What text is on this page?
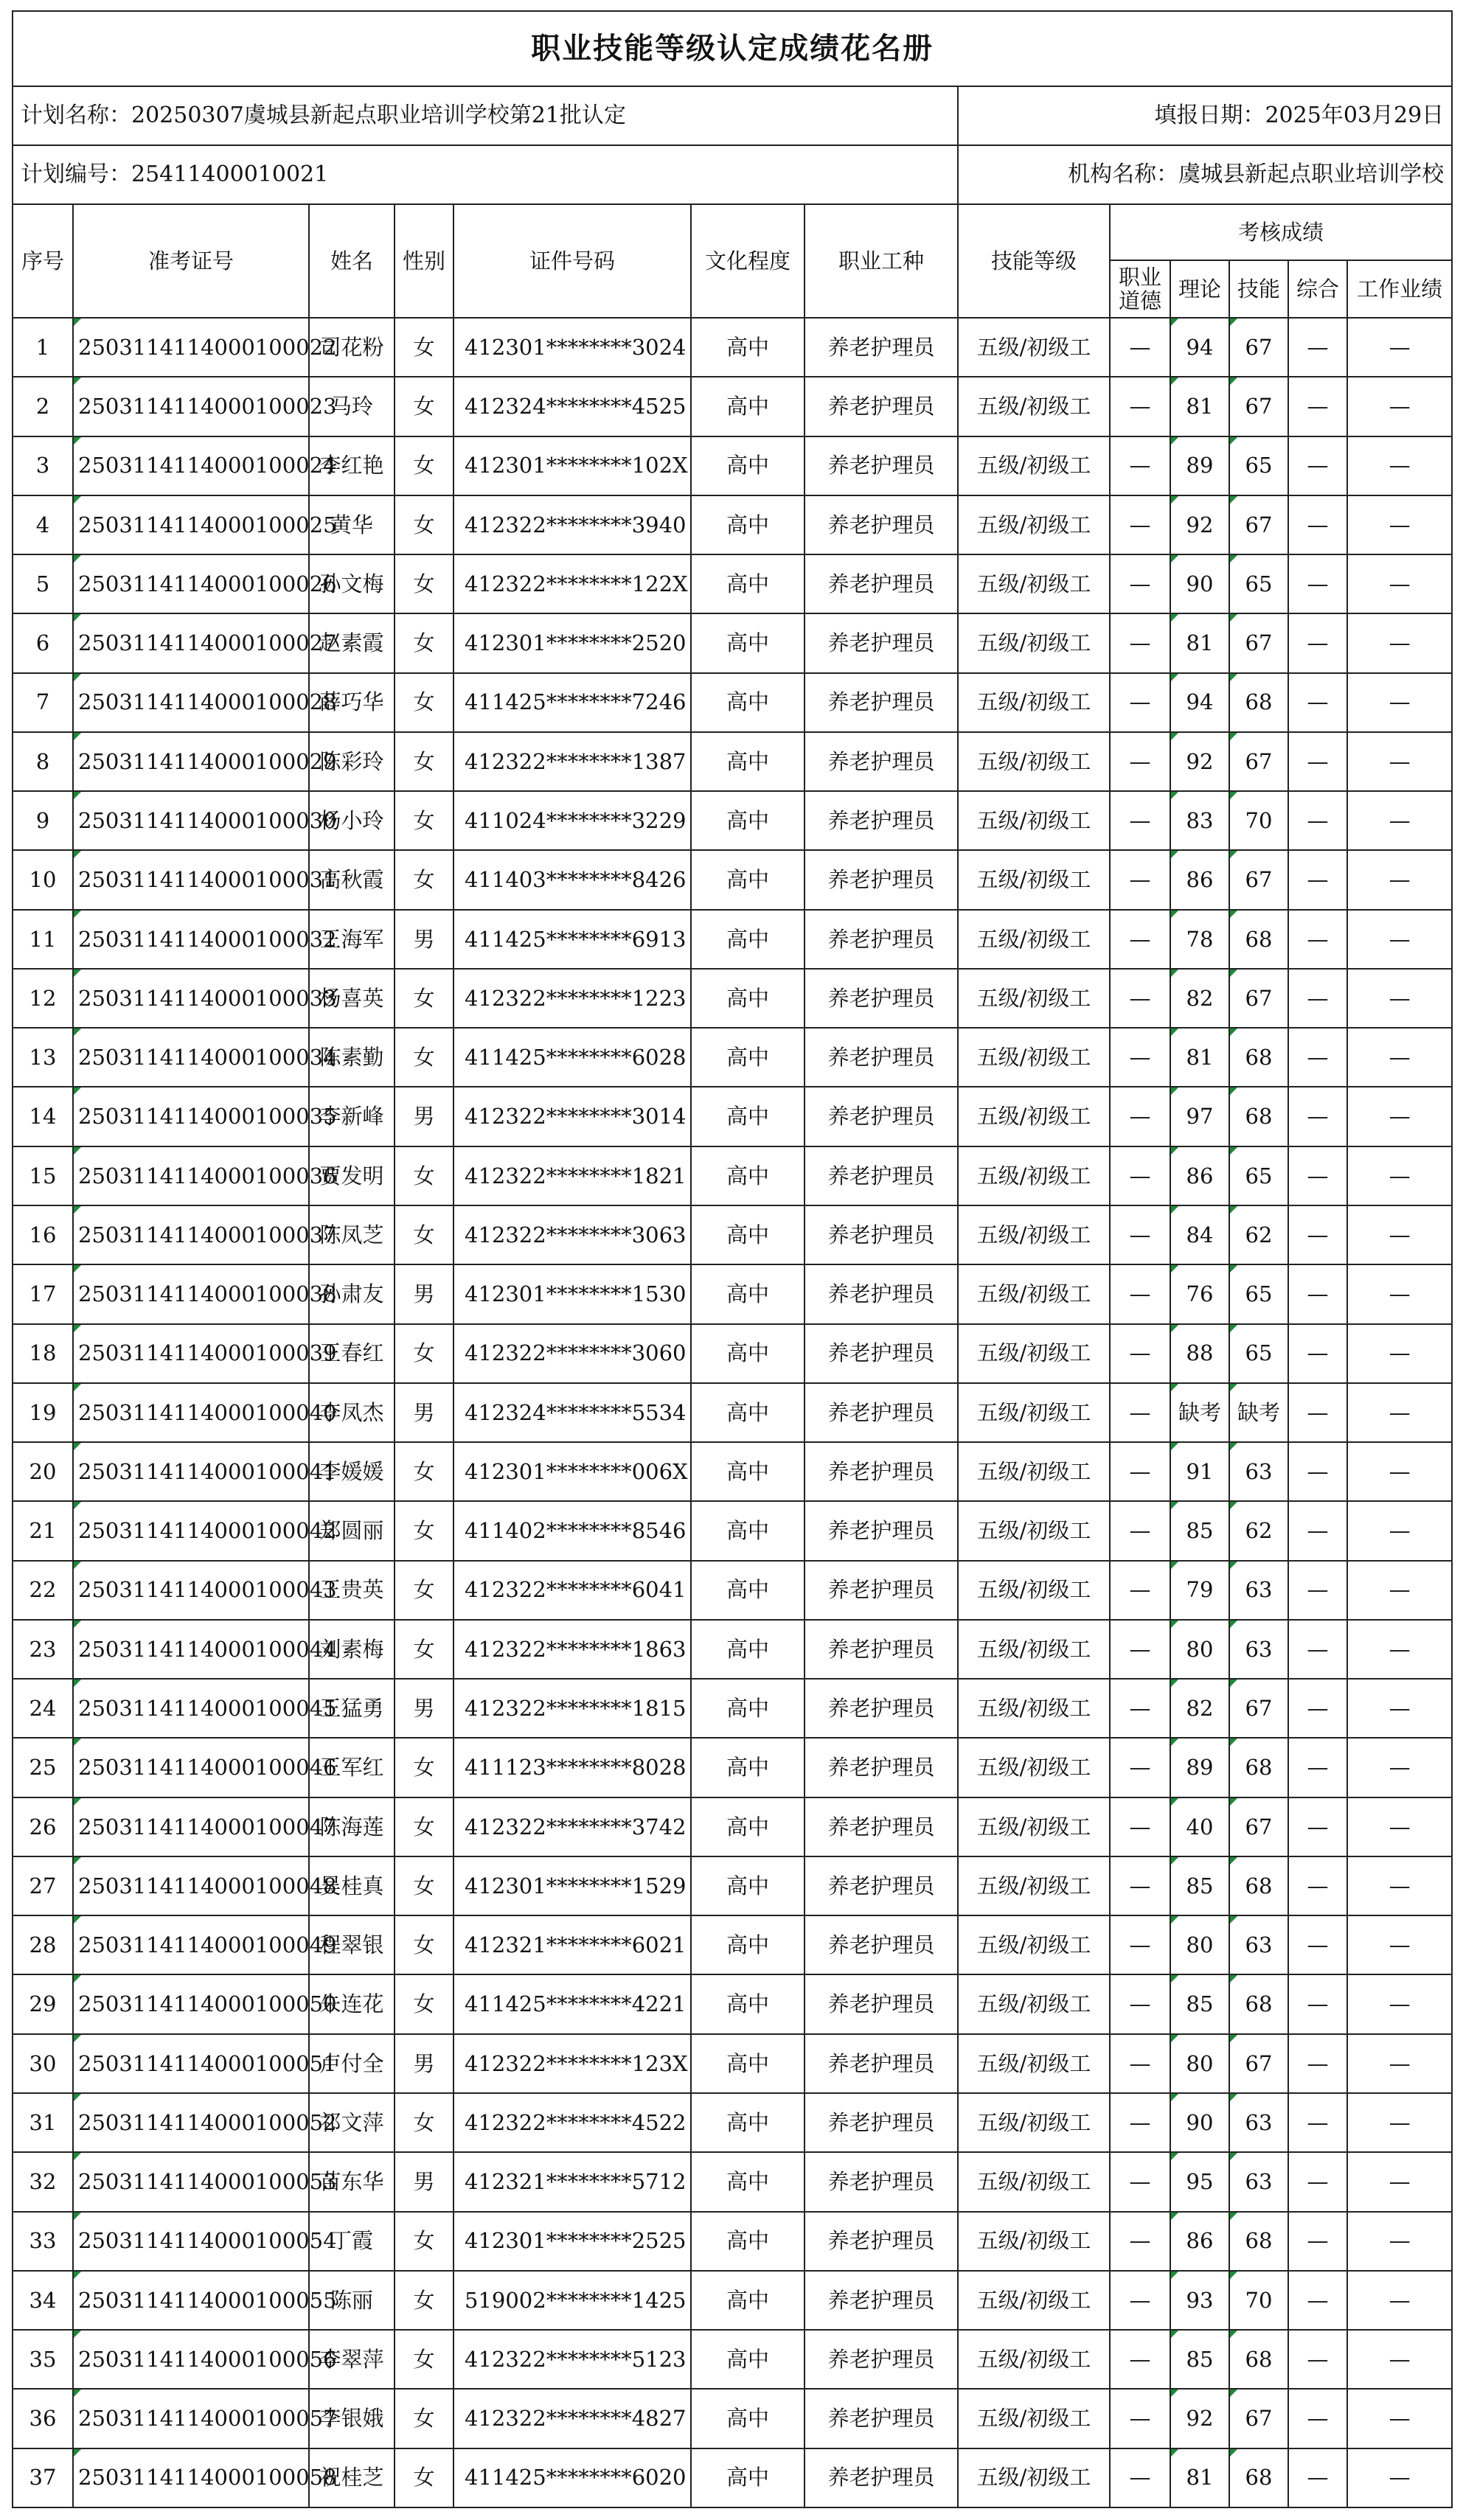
职业技能等级认定成绩花名册												
计划名称：20250307虞城县新起点职业培训学校第21批认定							填报日期：2025年03月29日					
计划编号：25411400010021							机构名称：虞城县新起点职业培训学校					
序号	准考证号	姓名	性别	证件号码	文化程度	职业工种	技能等级	考核成绩				
								职业道德	理论	技能	综合	工作业绩
1	2503114114000100022	司花粉	女	412301********3024	高中	养老护理员	五级/初级工	—	94	67	—	—
2	2503114114000100023	马玲	女	412324********4525	高中	养老护理员	五级/初级工	—	81	67	—	—
3	2503114114000100024	李红艳	女	412301********102X	高中	养老护理员	五级/初级工	—	89	65	—	—
4	2503114114000100025	黄华	女	412322********3940	高中	养老护理员	五级/初级工	—	92	67	—	—
5	2503114114000100026	孙文梅	女	412322********122X	高中	养老护理员	五级/初级工	—	90	65	—	—
6	2503114114000100027	赵素霞	女	412301********2520	高中	养老护理员	五级/初级工	—	81	67	—	—
7	2503114114000100028	薛巧华	女	411425********7246	高中	养老护理员	五级/初级工	—	94	68	—	—
8	2503114114000100029	陈彩玲	女	412322********1387	高中	养老护理员	五级/初级工	—	92	67	—	—
9	2503114114000100030	杨小玲	女	411024********3229	高中	养老护理员	五级/初级工	—	83	70	—	—
10	2503114114000100031	高秋霞	女	411403********8426	高中	养老护理员	五级/初级工	—	86	67	—	—
11	2503114114000100032	王海军	男	411425********6913	高中	养老护理员	五级/初级工	—	78	68	—	—
12	2503114114000100033	杨喜英	女	412322********1223	高中	养老护理员	五级/初级工	—	82	67	—	—
13	2503114114000100034	陈素勤	女	411425********6028	高中	养老护理员	五级/初级工	—	81	68	—	—
14	2503114114000100035	李新峰	男	412322********3014	高中	养老护理员	五级/初级工	—	97	68	—	—
15	2503114114000100036	贾发明	女	412322********1821	高中	养老护理员	五级/初级工	—	86	65	—	—
16	2503114114000100037	陈凤芝	女	412322********3063	高中	养老护理员	五级/初级工	—	84	62	—	—
17	2503114114000100038	孙肃友	男	412301********1530	高中	养老护理员	五级/初级工	—	76	65	—	—
18	2503114114000100039	王春红	女	412322********3060	高中	养老护理员	五级/初级工	—	88	65	—	—
19	2503114114000100040	李凤杰	男	412324********5534	高中	养老护理员	五级/初级工	—	缺考	缺考	—	—
20	2503114114000100041	李媛媛	女	412301********006X	高中	养老护理员	五级/初级工	—	91	63	—	—
21	2503114114000100042	郑圆丽	女	411402********8546	高中	养老护理员	五级/初级工	—	85	62	—	—
22	2503114114000100043	王贵英	女	412322********6041	高中	养老护理员	五级/初级工	—	79	63	—	—
23	2503114114000100044	刘素梅	女	412322********1863	高中	养老护理员	五级/初级工	—	80	63	—	—
24	2503114114000100045	王猛勇	男	412322********1815	高中	养老护理员	五级/初级工	—	82	67	—	—
25	2503114114000100046	王军红	女	411123********8028	高中	养老护理员	五级/初级工	—	89	68	—	—
26	2503114114000100047	陈海莲	女	412322********3742	高中	养老护理员	五级/初级工	—	40	67	—	—
27	2503114114000100048	吴桂真	女	412301********1529	高中	养老护理员	五级/初级工	—	85	68	—	—
28	2503114114000100049	程翠银	女	412321********6021	高中	养老护理员	五级/初级工	—	80	63	—	—
29	2503114114000100050	朱连花	女	411425********4221	高中	养老护理员	五级/初级工	—	85	68	—	—
30	2503114114000100051	卢付全	男	412322********123X	高中	养老护理员	五级/初级工	—	80	67	—	—
31	2503114114000100052	祁文萍	女	412322********4522	高中	养老护理员	五级/初级工	—	90	63	—	—
32	2503114114000100053	苗东华	男	412321********5712	高中	养老护理员	五级/初级工	—	95	63	—	—
33	2503114114000100054	丁霞	女	412301********2525	高中	养老护理员	五级/初级工	—	86	68	—	—
34	2503114114000100055	陈丽	女	519002********1425	高中	养老护理员	五级/初级工	—	93	70	—	—
35	2503114114000100056	李翠萍	女	412322********5123	高中	养老护理员	五级/初级工	—	85	68	—	—
36	2503114114000100057	李银娥	女	412322********4827	高中	养老护理员	五级/初级工	—	92	67	—	—
37	2503114114000100058	祝桂芝	女	411425********6020	高中	养老护理员	五级/初级工	—	81	68	—	—
